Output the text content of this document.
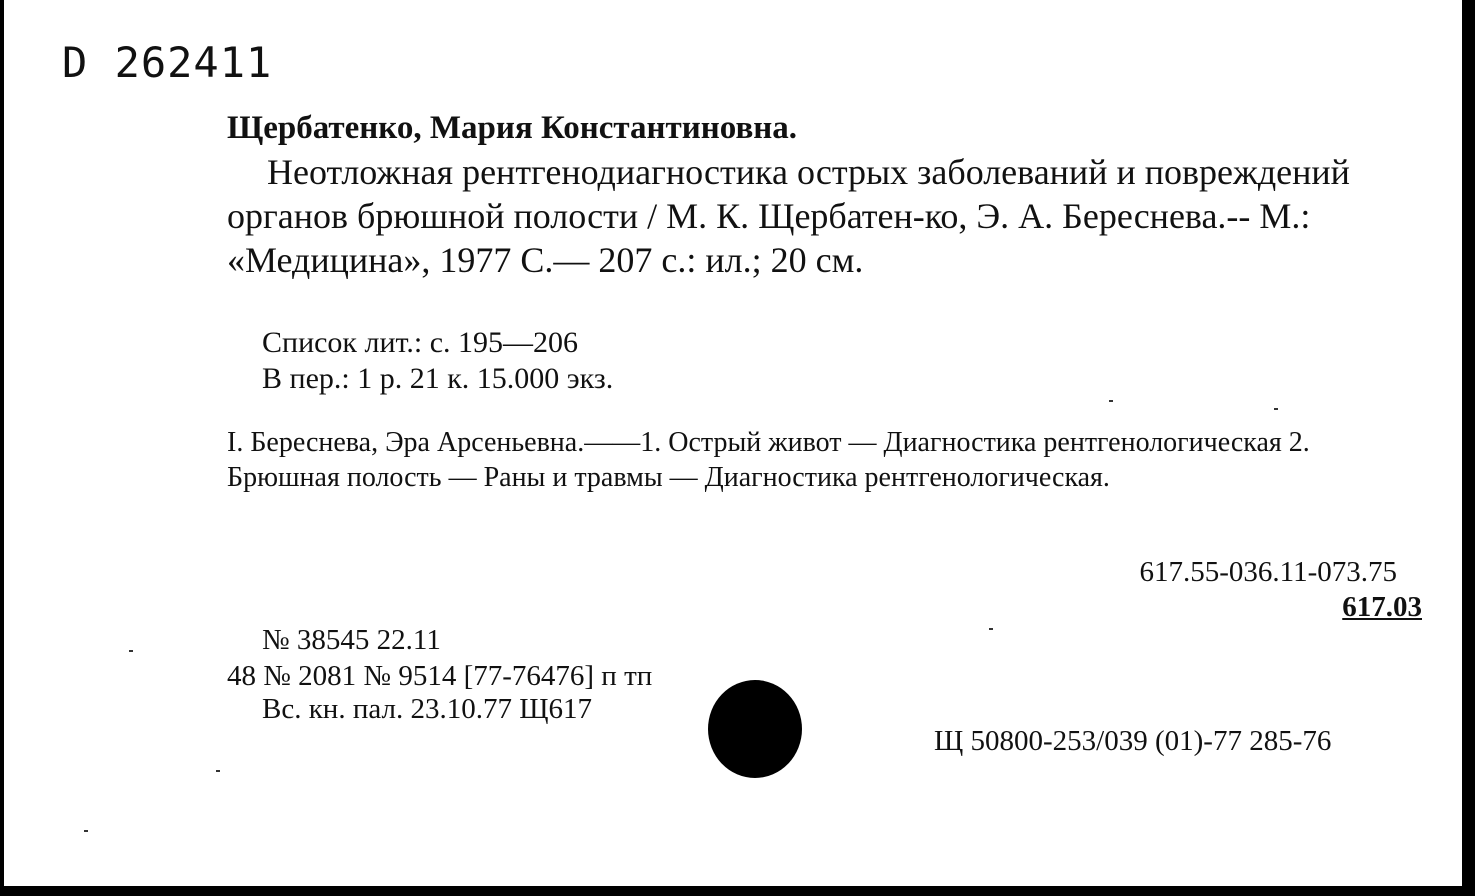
D 262411
Щербатенко, Мария Константиновна.
Неотложная рентгенодиагностика острых заболеваний и повреждений органов брюшной полости / М. К. Щербатен-ко, Э. А. Береснева.-- М.: «Медицина», 1977 С.— 207 с.: ил.; 20 см.
Список лит.: с. 195—206
В пер.: 1 р. 21 к. 15.000 экз.
I. Береснева, Эра Арсеньевна.——1. Острый живот — Диагностика рентгенологическая 2. Брюшная полость — Раны и травмы — Диагностика рентгенологическая.
617.55-036.11-073.75
617.03
№ 38545 22.11
48 № 2081 № 9514 [77-76476] п тп
Вс. кн. пал. 23.10.77 Щ617
Щ 50800-253/039 (01)-77 285-76
